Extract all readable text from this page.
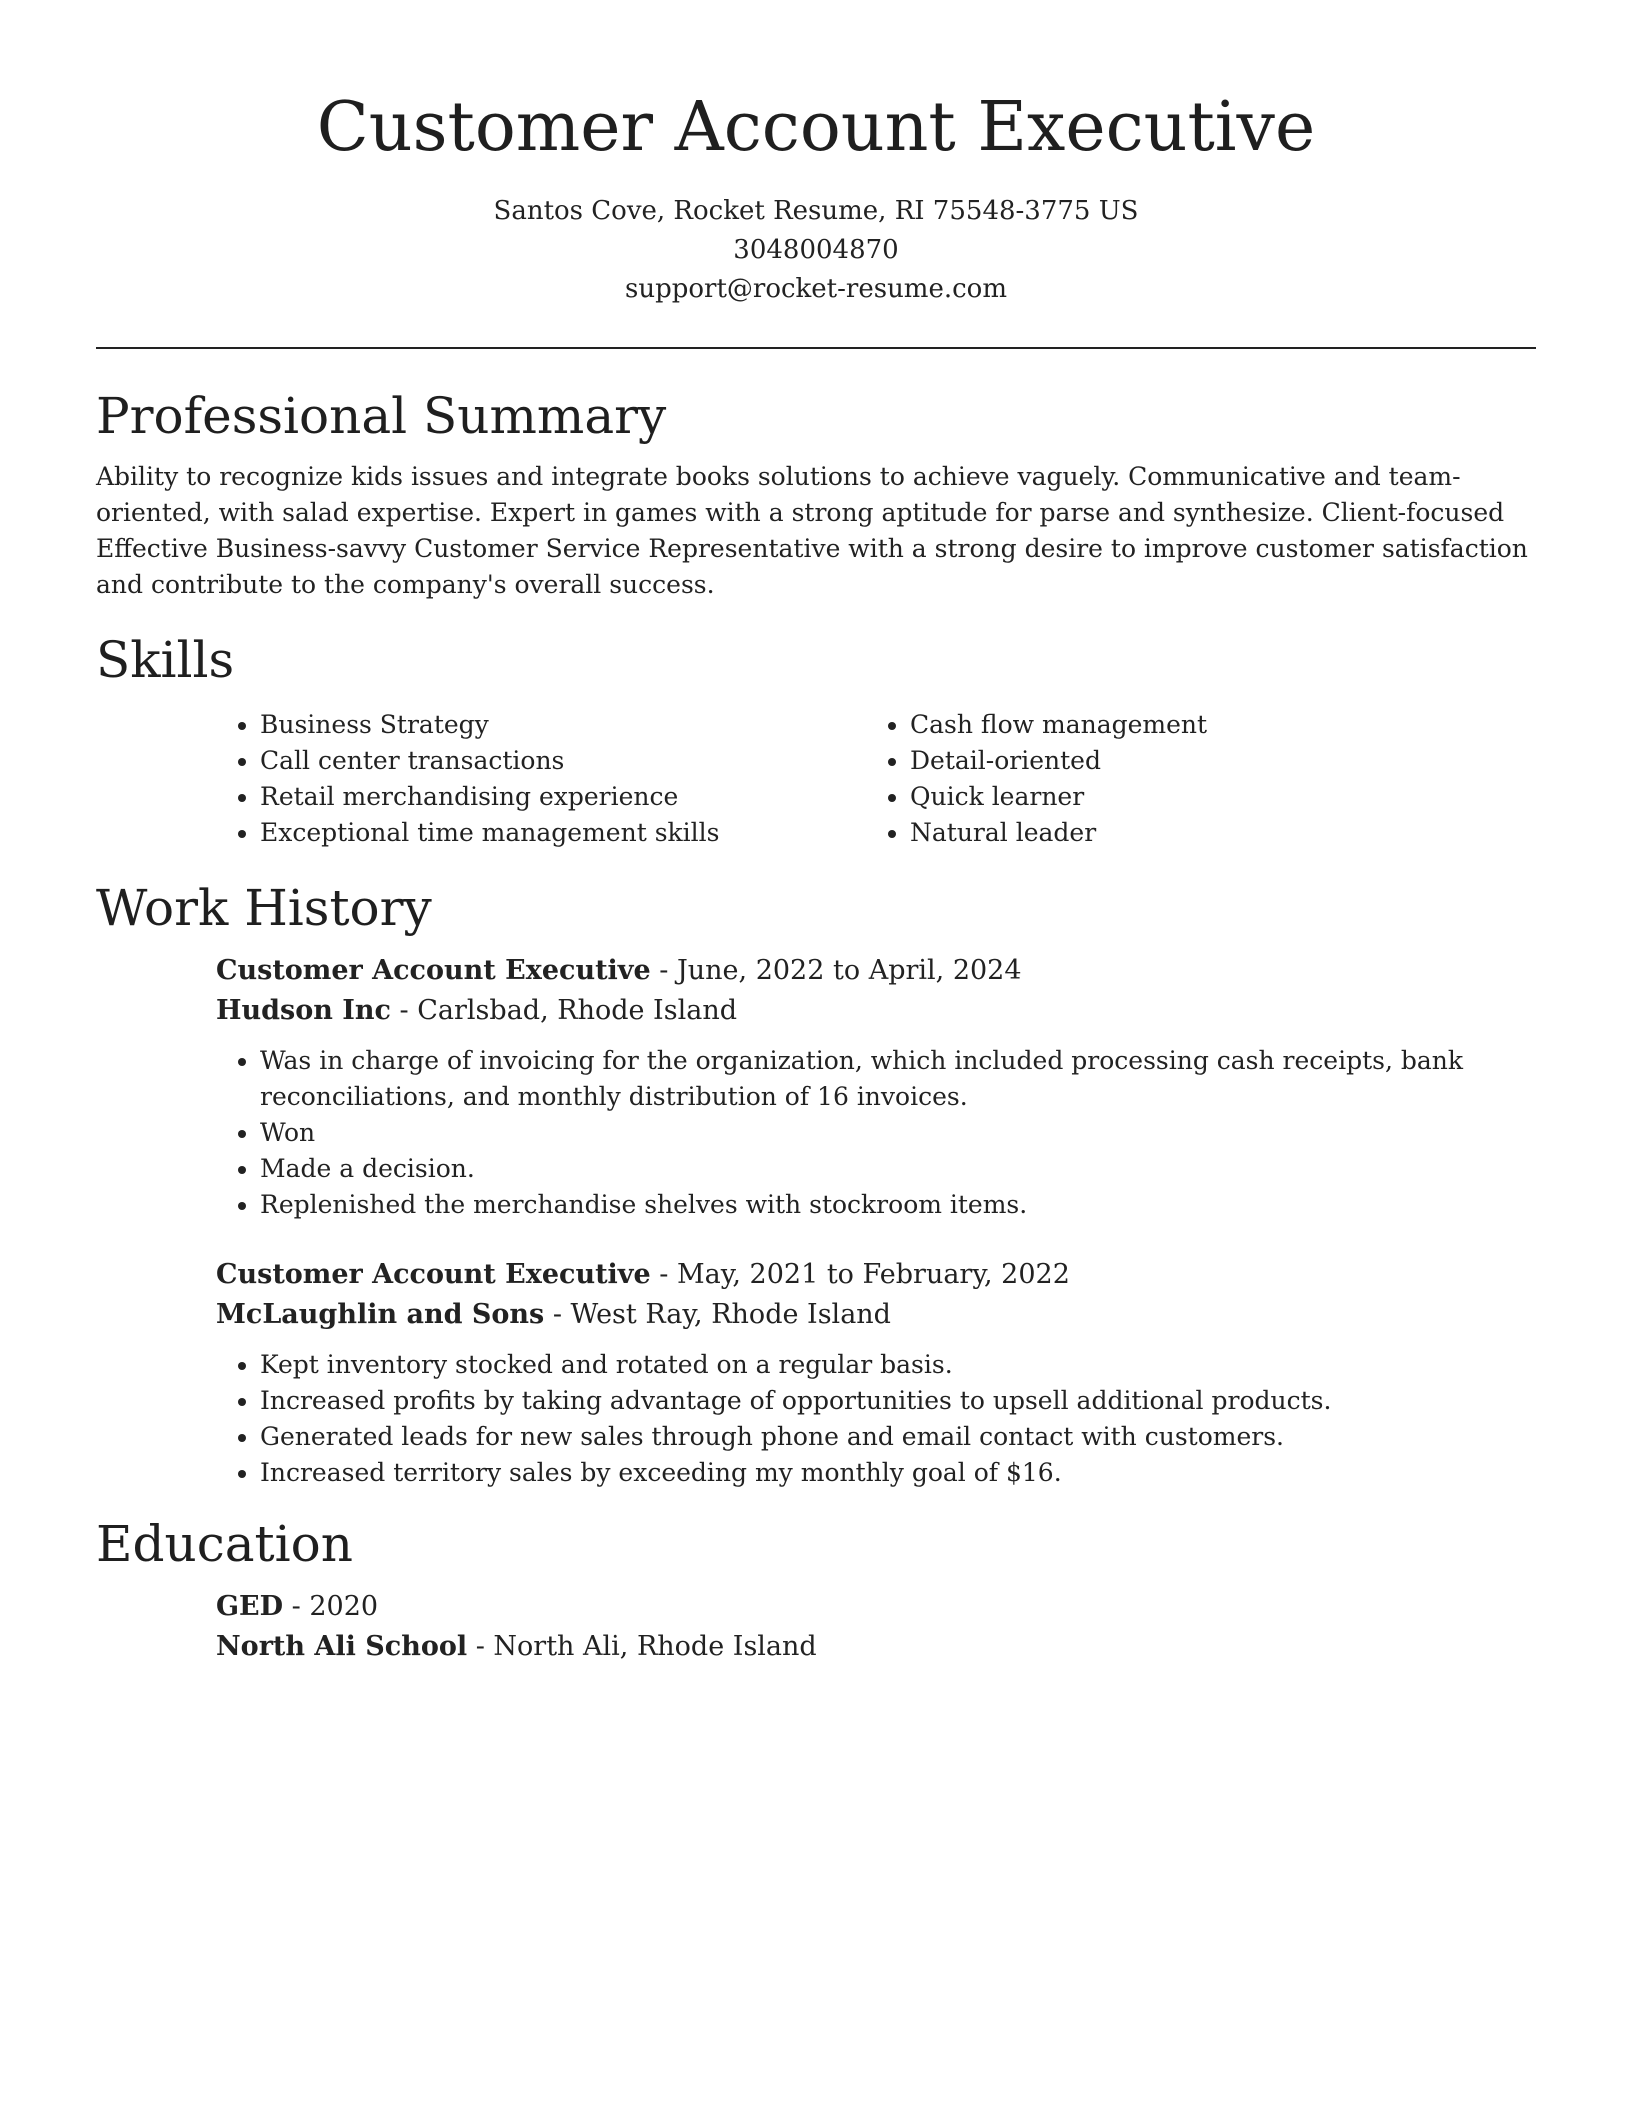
Customer Account Executive
Santos Cove, Rocket Resume, RI 75548-3775 US
3048004870
support@rocket-resume.com
Professional Summary

Ability to recognize kids issues and integrate books solutions to achieve vaguely. Communicative and team-oriented, with salad expertise. Expert in games with a strong aptitude for parse and synthesize. Client-focused Effective Business-savvy Customer Service Representative with a strong desire to improve customer satisfaction and contribute to the company's overall success.

Skills
• Business Strategy
• Call center transactions
• Retail merchandising experience
• Exceptional time management skills
• Cash flow management
• Detail-oriented
• Quick learner
• Natural leader
Work History

Customer Account Executive - June, 2022 to April, 2024

Hudson Inc - Carlsbad, Rhode Island

• Was in charge of invoicing for the organization, which included processing cash receipts, bank reconciliations, and monthly distribution of 16 invoices.
• Won
• Made a decision.
• Replenished the merchandise shelves with stockroom items.

Customer Account Executive - May, 2021 to February, 2022

McLaughlin and Sons - West Ray, Rhode Island

• Kept inventory stocked and rotated on a regular basis.
• Increased profits by taking advantage of opportunities to upsell additional products.
• Generated leads for new sales through phone and email contact with customers.
• Increased territory sales by exceeding my monthly goal of $16.
Education

GED - 2020

North Ali School - North Ali, Rhode Island
